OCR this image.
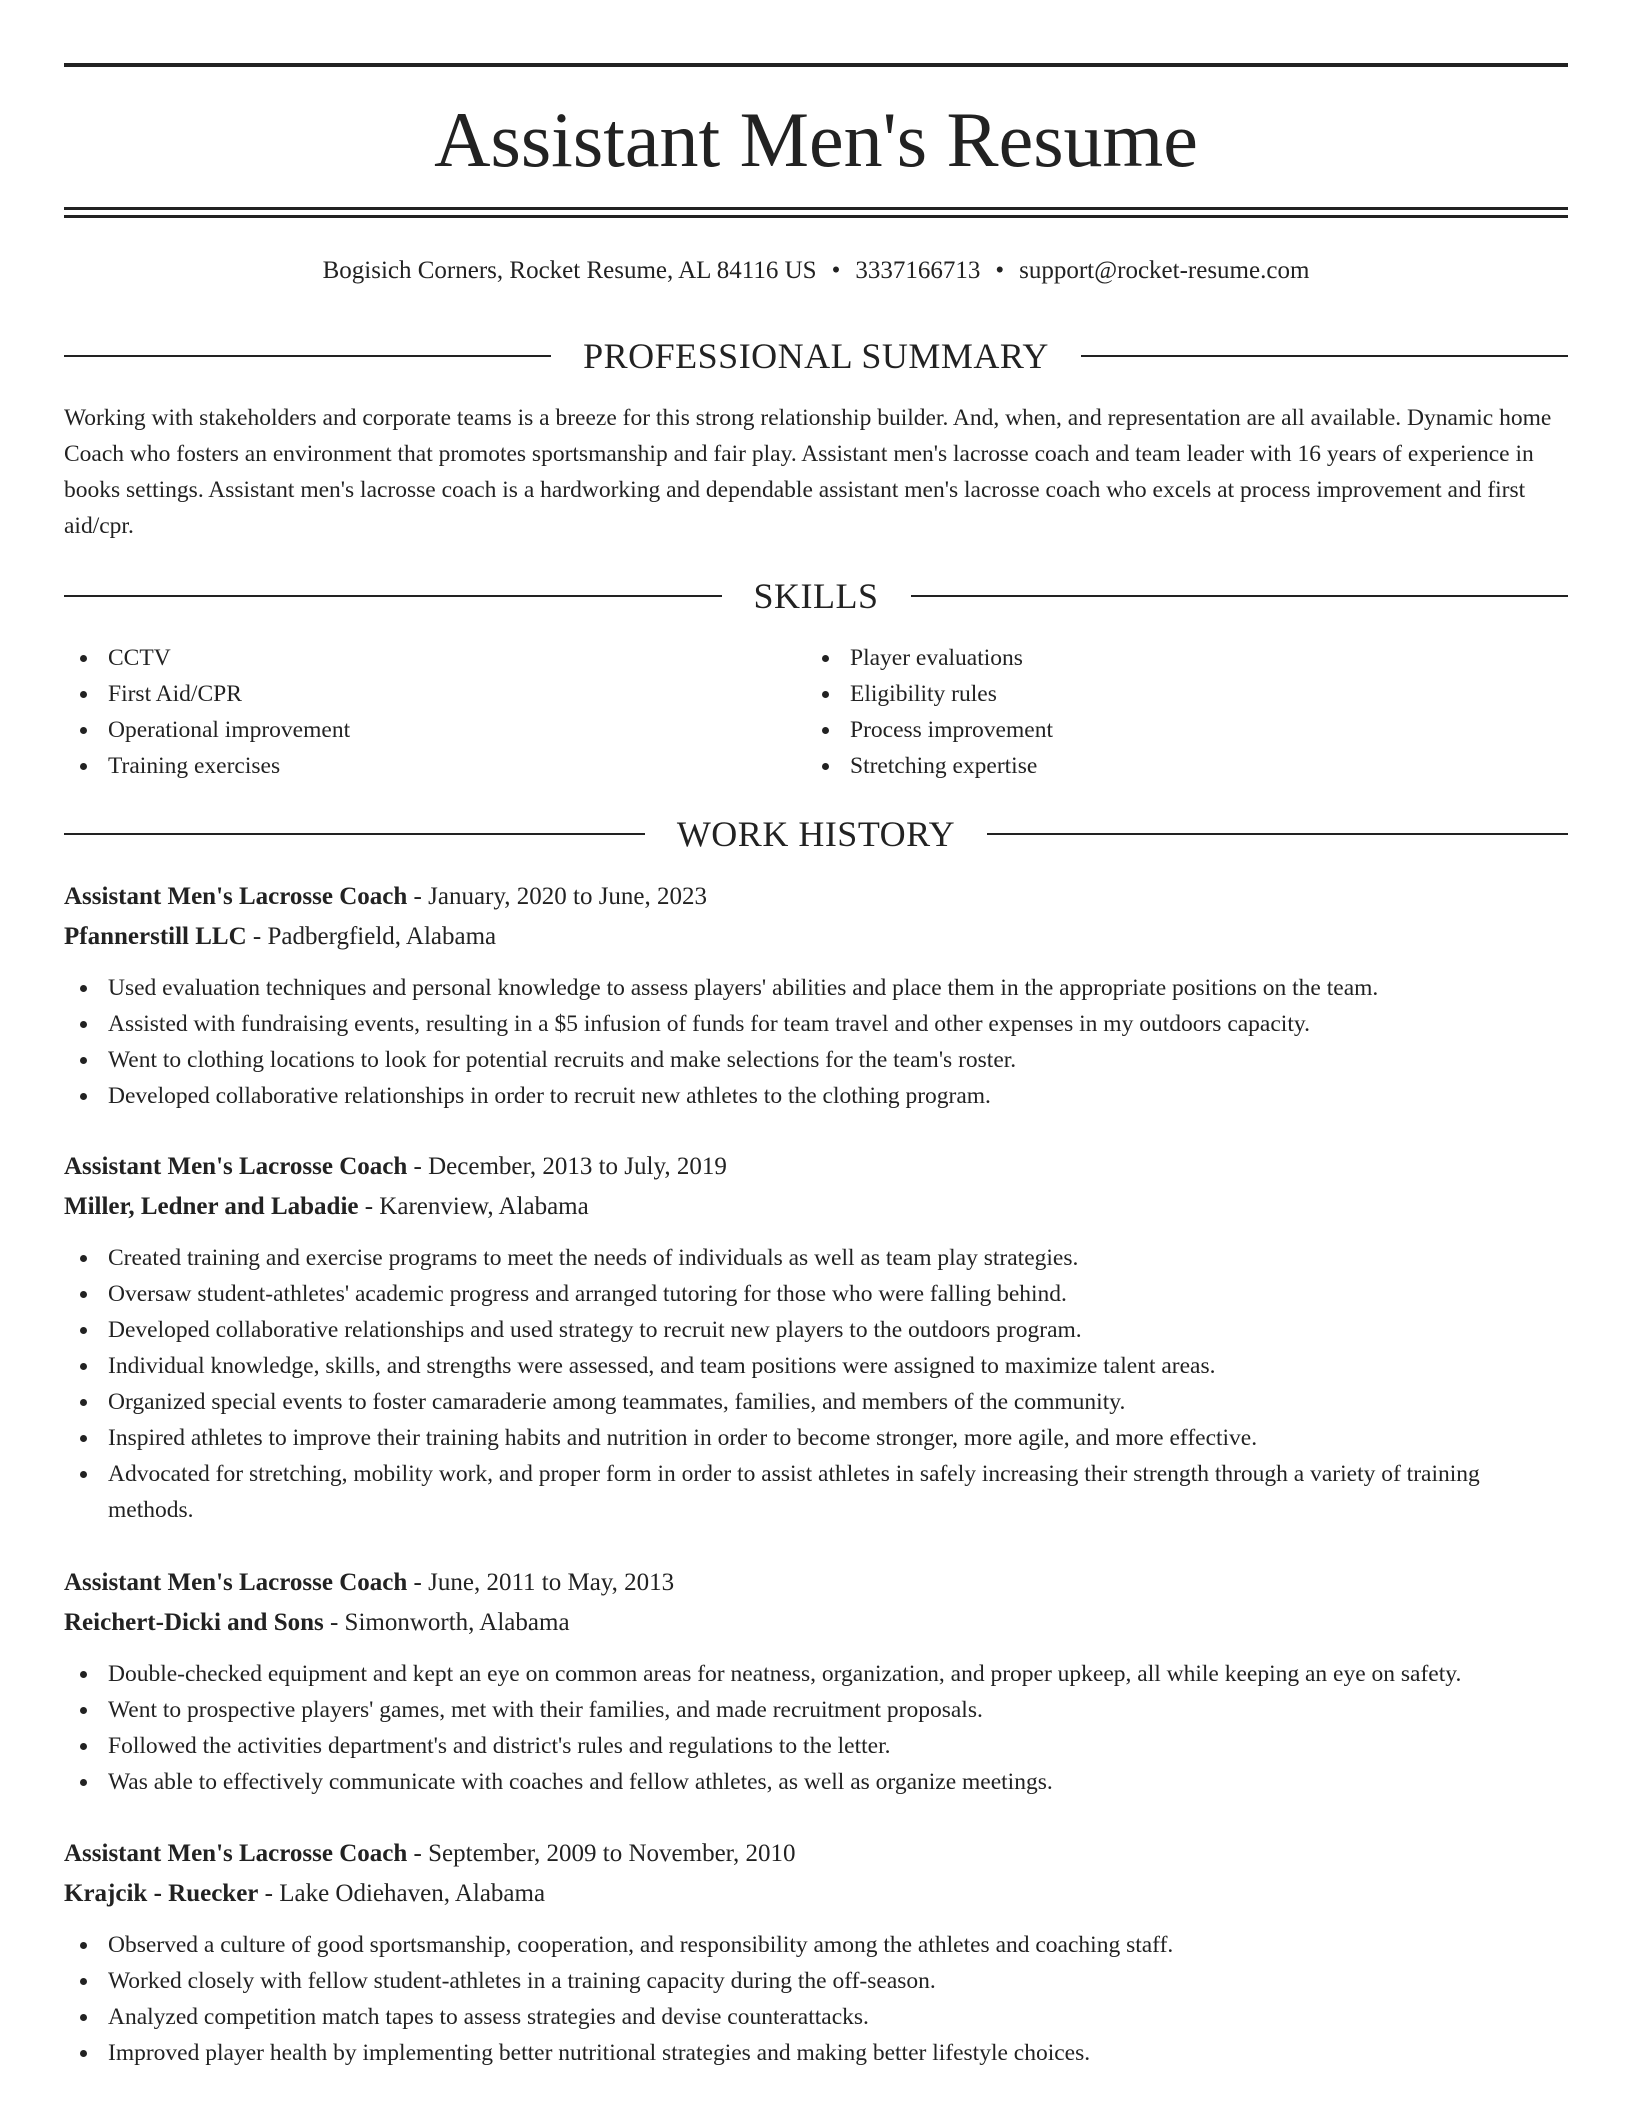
Assistant Men's Resume
Bogisich Corners, Rocket Resume, AL 84116 US • 3337166713 • support@rocket-resume.com
PROFESSIONAL SUMMARY

Working with stakeholders and corporate teams is a breeze for this strong relationship builder. And, when, and representation are all available. Dynamic home Coach who fosters an environment that promotes sportsmanship and fair play. Assistant men's lacrosse coach and team leader with 16 years of experience in books settings. Assistant men's lacrosse coach is a hardworking and dependable assistant men's lacrosse coach who excels at process improvement and first aid/cpr.

SKILLS
CCTV
First Aid/CPR
Operational improvement
Training exercises
Player evaluations
Eligibility rules
Process improvement
Stretching expertise
WORK HISTORY
Assistant Men's Lacrosse Coach - January, 2020 to June, 2023
Pfannerstill LLC - Padbergfield, Alabama
Used evaluation techniques and personal knowledge to assess players' abilities and place them in the appropriate positions on the team.
Assisted with fundraising events, resulting in a $5 infusion of funds for team travel and other expenses in my outdoors capacity.
Went to clothing locations to look for potential recruits and make selections for the team's roster.
Developed collaborative relationships in order to recruit new athletes to the clothing program.
Assistant Men's Lacrosse Coach - December, 2013 to July, 2019
Miller, Ledner and Labadie - Karenview, Alabama
Created training and exercise programs to meet the needs of individuals as well as team play strategies.
Oversaw student-athletes' academic progress and arranged tutoring for those who were falling behind.
Developed collaborative relationships and used strategy to recruit new players to the outdoors program.
Individual knowledge, skills, and strengths were assessed, and team positions were assigned to maximize talent areas.
Organized special events to foster camaraderie among teammates, families, and members of the community.
Inspired athletes to improve their training habits and nutrition in order to become stronger, more agile, and more effective.
Advocated for stretching, mobility work, and proper form in order to assist athletes in safely increasing their strength through a variety of training methods.
Assistant Men's Lacrosse Coach - June, 2011 to May, 2013
Reichert-Dicki and Sons - Simonworth, Alabama
Double-checked equipment and kept an eye on common areas for neatness, organization, and proper upkeep, all while keeping an eye on safety.
Went to prospective players' games, met with their families, and made recruitment proposals.
Followed the activities department's and district's rules and regulations to the letter.
Was able to effectively communicate with coaches and fellow athletes, as well as organize meetings.
Assistant Men's Lacrosse Coach - September, 2009 to November, 2010
Krajcik - Ruecker - Lake Odiehaven, Alabama
Observed a culture of good sportsmanship, cooperation, and responsibility among the athletes and coaching staff.
Worked closely with fellow student-athletes in a training capacity during the off-season.
Analyzed competition match tapes to assess strategies and devise counterattacks.
Improved player health by implementing better nutritional strategies and making better lifestyle choices.
